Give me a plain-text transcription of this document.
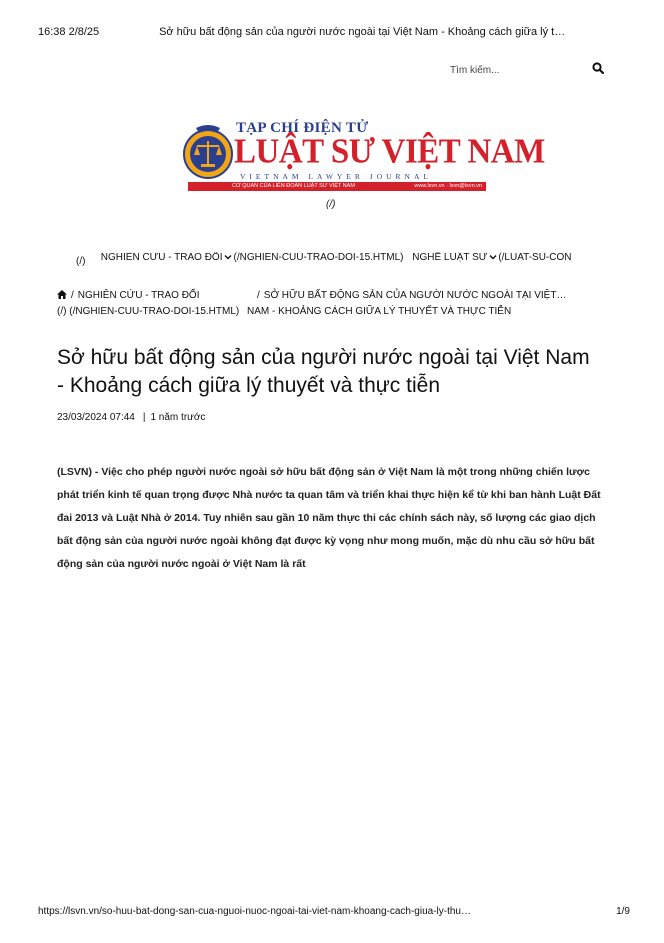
16:38 2/8/25	Sở hữu bất động sản của người nước ngoài tại Việt Nam - Khoảng cách giữa lý t…
Tìm kiếm...
TẠP CHÍ ĐIỆN TỬ
LUẬT SƯ VIỆT NAM
VIETNAM LAWYER JOURNAL
CƠ QUAN CỦA LIÊN ĐOÀN LUẬT SƯ VIỆT NAM	www.lsvn.vn · lsvn@lsvn.vn
(/)
(/) NGHIÊN CỨU - TRAO ĐỔI (/NGHIEN-CUU-TRAO-DOI-15.HTML) NGHỀ LUẬT SƯ (/LUAT-SU-CON
/ NGHIÊN CỨU - TRAO ĐỔI	/ SỞ HỮU BẤT ĐỘNG SẢN CỦA NGƯỜI NƯỚC NGOÀI TẠI VIỆT…
(/) (/NGHIEN-CUU-TRAO-DOI-15.HTML) NAM - KHOẢNG CÁCH GIỮA LÝ THUYẾT VÀ THỰC TIỄN
Sở hữu bất động sản của người nước ngoài tại Việt Nam - Khoảng cách giữa lý thuyết và thực tiễn
23/03/2024 07:44 | 1 năm trước

(LSVN) - Việc cho phép người nước ngoài sở hữu bất động sản ở Việt Nam là một trong những chiến lược phát triển kinh tế quan trọng được Nhà nước ta quan tâm và triển khai thực hiện kể từ khi ban hành Luật Đất đai 2013 và Luật Nhà ở 2014. Tuy nhiên sau gần 10 năm thực thi các chính sách này, số lượng các giao dịch bất động sản của người nước ngoài không đạt được kỳ vọng như mong muốn, mặc dù nhu cầu sở hữu bất động sản của người nước ngoài ở Việt Nam là rất

https://lsvn.vn/so-huu-bat-dong-san-cua-nguoi-nuoc-ngoai-tai-viet-nam-khoang-cach-giua-ly-thu…	1/9
